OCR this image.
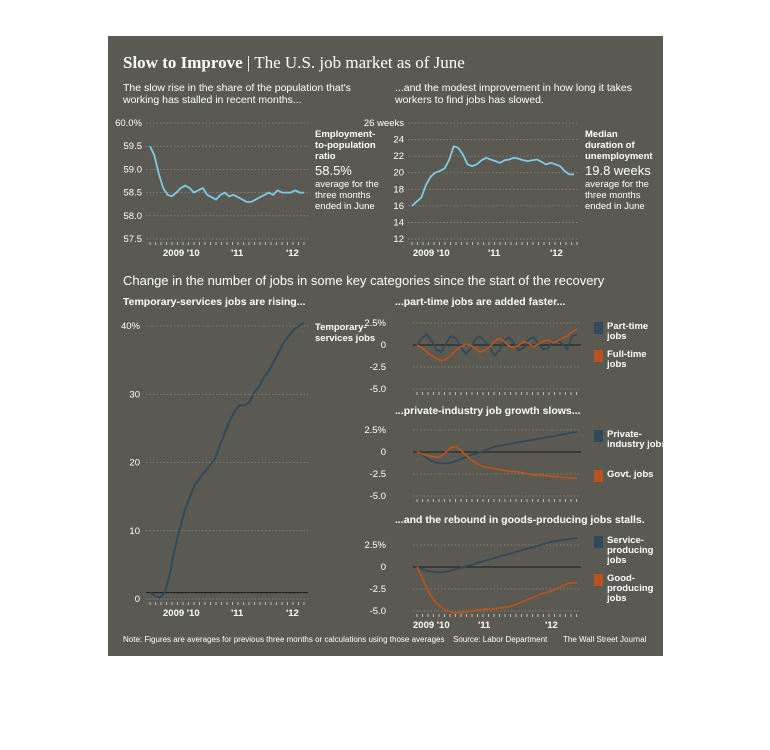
60.0%
59.5
59.0
58.5
58.0
57.5
2009 '10	'11	'12
26 weeks
24
22
20
18
16
14
12
2009 '10	'11	'12
40%
30
20
10
0
2009 '10	'11	'12
2.5%
0
-2.5
-5.0
2.5%
0
-2.5
-5.0
2.5%
0
-2.5
-5.0
2009 '10	'11	'12
Slow to Improve | The U.S. job market as of June
The slow rise in the share of the population that's working has stalled in recent months...
...and the modest improvement in how long it takes workers to find jobs has slowed.
Employment-to-population ratio
58.5%
average for the three months ended in June
Median duration of unemployment
19.8 weeks
average for the three months ended in June
Change in the number of jobs in some key categories since the start of the recovery
Temporary-services jobs are rising...	...part-time jobs are added faster...
...private-industry job growth slows...
...and the rebound in goods-producing jobs stalls.
Temporary-services jobs
Part-time jobs
Full-time jobs
Private-industry jobs
Govt. jobs
Service-producing jobs
Good-producing jobs
Note: Figures are averages for previous three months or calculations using those averages Source: Labor Department The Wall Street Journal
